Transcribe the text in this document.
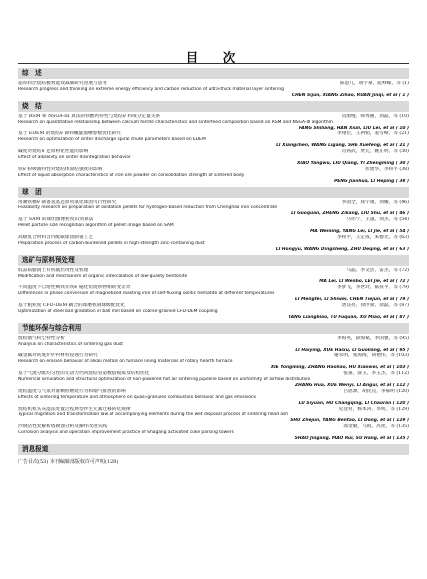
目　次
综　述
超厚料层烧结极致能效减碳研究进展与思考	陈思儿，项宇豪，阮峥嵘，等 (1)
Research progress and thinking on extreme energy efficiency and carbon reduction of ultra-thick material layer sintering
CHEN Sijun, XIANG Zihao, RUAN Jinqi, et al ( 1 )
烧　结
基于 RSM 和 NSGA-III 算法的铁酸钙特性与烧结矿料成分定量关系	房甜慢，韩秀丽，刘磊，等 (10)
Research on quantitative relationship between calcium ferrite characteristics and sinterfeed composition based on RSM and NSGA-III algorithm
FANG Shiliang, HAN Xiuli, LIU Lei, et al ( 10 )
基于 EDEM 的烧结矿卸料螺旋溜槽参数优化研究	李翔臣，王利娟，姜雪峰，等 (21)
Research on optimization of sinter discharge spiral chute parameters based on EDEM
LI Xiangchen, WANG Ligang, SHE Xuefeng, et al ( 21 )
碱度对烧结矿还原粉化性能的影响	肖扬武，贾元，姚正明，等 (30)
Effect of alkalinity on sinter disintegration behavior
XIAO Yangwu, LIU Qiang, YI Zhengming ( 30 )
铁矿粉吸液特性对烧结体固结强度的影响	彭建华，李和平 (38)
Effect of liquid absorption characteristics of iron ore powder on consolidation strength of sintered body
PENG Jianhua, LI Heping ( 38 )
球　团
用潮铁精矿制备氢基还原用氧化球团可行性研究	李国全，郑宇康，刘耀，等 (46)
Feasibility research on preparation of oxidation pellets for hydrogen-based reduction from Chenghao iron concentrate
LI Guoquan, ZHENG Zikang, LIU Shu, et al ( 46 )
基于 SAM 的球团图像粒度识别算法	马伟宁，王越，刘杰，等 (54)
Pellet particle size recognition algorithm of pellet image based on SAM
MA Weining, YANG Lei, LI Jie, et al ( 54 )
高级复合材料含内配碳球团制备工艺	李和平，王定成，朱德光，等 (63)
Preparation process of carbon-burdened pellets in high-strength zinc-containing dust
LI Hongyu, WANG Dingsheng, ZHU Deqing, et al ( 63 )
选矿与原料预处理
低品质膨润土有机插层改性及机理	马磊，李文浩，雷杰，等 (72)
Modification and mechanism of organic intercalation of low-quality bentonite
MA Lei, LI Wenbo, LEI Jie, et al ( 72 )
不同温度下自熔性褐铁赤铁矿磁化焙烧铁物相转变差异	李梦飞，李世玲，陈扶平，等 (79)
Differences in phase conversion of magnetized roasting iron of self-fluxing oolitic hematite at different temperatures
LI Mengfei, LI Shiwei, CHEN Tiejun, et al ( 79 )
基于粗粒度 CFD-DEM 耦合的球磨机钢球级配优化	唐良亮，徐浮梁，徐磊，等 (87)
Optimization of steel ball gradation in ball mill based on coarse-grained CFD-DEM coupling
TANG Liangbiao, TU Fuquan, XU Miao, et al ( 87 )
节能环保与综合利用
烧结烟气粉尘特性分析	李海英，薛海斌，李国强，等 (95)
Analysis on characteristics of sintering gas dust
LI Haiying, XUE Haixu, LI Guoliang, et al ( 95 )
碱金属对转底炉炉衬材料侵蚀行为研究	谢永明，张海海，胡艳伟，等 (103)
Research on erosion behavior of alkali metals on furnace lining materials of rotary hearth furnace
XIE Yongming, ZHANG Haohao, HU Xiaowei, et al ( 103 )
基于气流分配均匀性的无动力挡风烧结管道数值模拟及结构优化	张豪，薛玉，李玉杰，等 (112)
Numerical simulation and structural optimization of non-powered hot air sintering pipeline based on uniformity of airflow distribution
ZHANG Hua, XUE Wenyi, LI Angui, et al ( 112 )
烧结温度与气氛对准颗粒燃烧行为和烟气排放的影响	吕思源，胡民良，李郝明 (120)
Effects of sintering temperature and atmosphere on quasi-granules combustion behavior and gas emissions
LU Siyuan, HU Changqing, LI Chaoran ( 120 )
烧结机机头灰湿法处置过程典型伴生元素迁移转化规律	史登君，杨本涛，李明，等 (129)
Typical migration and transformation law of accompanying elements during the wet disposal process of sintering head ash
SHU Zhejun, YANG Bentao, LI Dong, et al ( 129 )
沙钢活性炭解析塔腐蚀分析及操作改进实践	邵金敏，马锐，苏虎，等 (135)
Corrosion analysis and operation improvement practice of Shagang activated coke parsing towers
SHAO Jingang, MAO Rui, SU Hang, et al ( 135 )
消息报道
广告目次(53) 本刊编辑部版权许可声明(128)
